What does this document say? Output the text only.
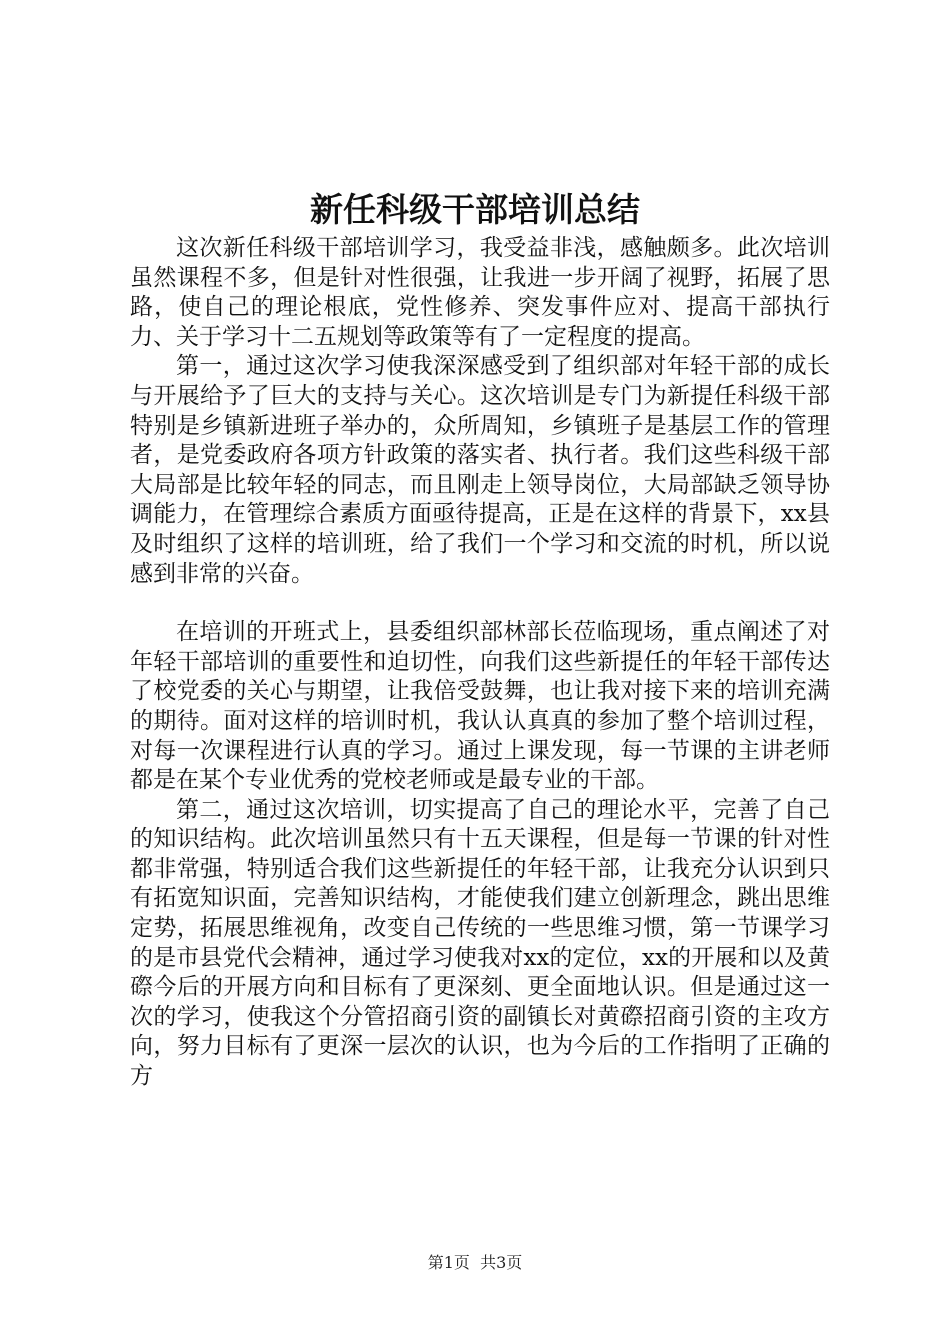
新任科级干部培训总结

这次新任科级干部培训学习，我受益非浅，感触颇多。此次培训虽然课程不多，但是针对性很强，让我进一步开阔了视野，拓展了思路，使自己的理论根底，党性修养、突发事件应对、提高干部执行力、关于学习十二五规划等政策等有了一定程度的提高。

第一，通过这次学习使我深深感受到了组织部对年轻干部的成长与开展给予了巨大的支持与关心。这次培训是专门为新提任科级干部特别是乡镇新进班子举办的，众所周知，乡镇班子是基层工作的管理者，是党委政府各项方针政策的落实者、执行者。我们这些科级干部大局部是比较年轻的同志，而且刚走上领导岗位，大局部缺乏领导协调能力，在管理综合素质方面亟待提高，正是在这样的背景下，xx县及时组织了这样的培训班，给了我们一个学习和交流的时机，所以说感到非常的兴奋。

在培训的开班式上，县委组织部林部长莅临现场，重点阐述了对年轻干部培训的重要性和迫切性，向我们这些新提任的年轻干部传达了校党委的关心与期望，让我倍受鼓舞，也让我对接下来的培训充满的期待。面对这样的培训时机，我认认真真的参加了整个培训过程，对每一次课程进行认真的学习。通过上课发现，每一节课的主讲老师都是在某个专业优秀的党校老师或是最专业的干部。

第二，通过这次培训，切实提高了自己的理论水平，完善了自己的知识结构。此次培训虽然只有十五天课程，但是每一节课的针对性都非常强，特别适合我们这些新提任的年轻干部，让我充分认识到只有拓宽知识面，完善知识结构，才能使我们建立创新理念，跳出思维定势，拓展思维视角，改变自己传统的一些思维习惯，第一节课学习的是市县党代会精神，通过学习使我对xx的定位，xx的开展和以及黄磜今后的开展方向和目标有了更深刻、更全面地认识。但是通过这一次的学习，使我这个分管招商引资的副镇长对黄磜招商引资的主攻方向，努力目标有了更深一层次的认识，也为今后的工作指明了正确的方

第1页 共3页
